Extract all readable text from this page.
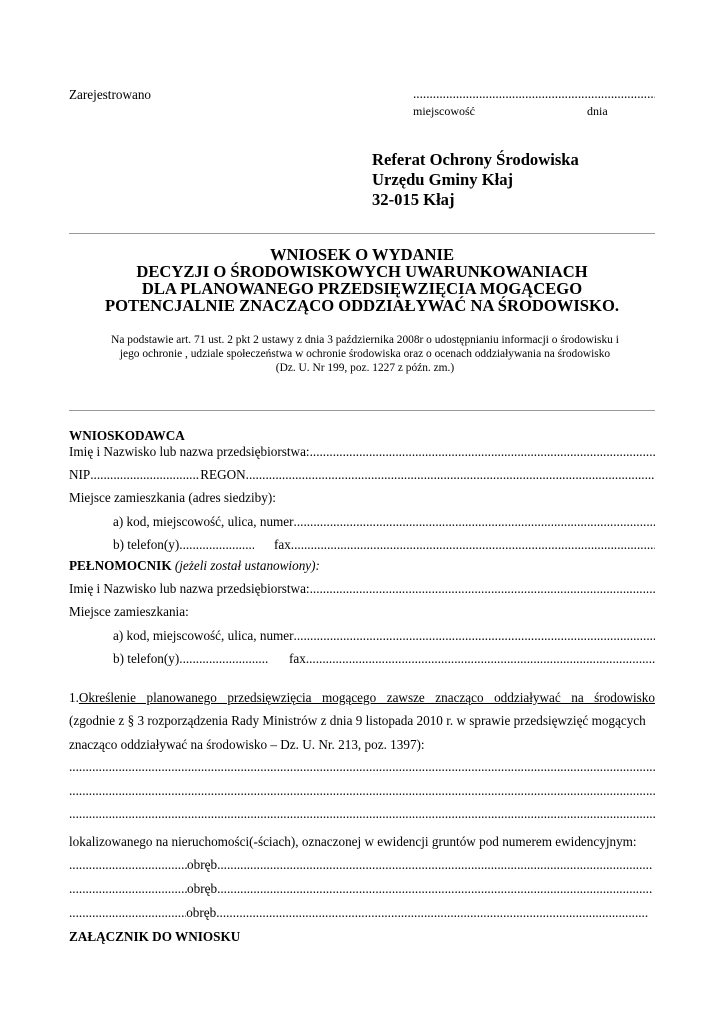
Zarejestrowano
.....
miejscowość	dnia
Referat Ochrony Środowiska
Urzędu Gminy Kłaj
32-015 Kłaj
WNIOSEK O WYDANIE
DECYZJI O ŚRODOWISKOWYCH UWARUNKOWANIACH
DLA PLANOWANEGO PRZEDSIĘWZIĘCIA MOGĄCEGO
POTENCJALNIE ZNACZĄCO ODDZIAŁYWAĆ NA ŚRODOWISKO.
Na podstawie art. 71 ust. 2 pkt 2 ustawy z dnia 3 października 2008r o udostępnianiu informacji o środowisku i
jego ochronie , udziale społeczeństwa w ochronie środowiska oraz o ocenach oddziaływania na środowisko
(Dz. U. Nr 199, poz. 1227 z późn. zm.)
WNIOSKODAWCA
Imię i Nazwisko lub nazwa przedsiębiorstwa:
.....
NIP .....	REGON
.....
Miejsce zamieszkania (adres siedziby):
a) kod, miejscowość, ulica, numer
.....
b) telefon(y) .....	fax
.....
PEŁNOMOCNIK (jeżeli został ustanowiony):
Imię i Nazwisko lub nazwa przedsiębiorstwa:
.....
Miejsce zamieszkania:
a) kod, miejscowość, ulica, numer
.....
b) telefon(y) .....	fax
.....
1. Określenie planowanego przedsięwzięcia mogącego zawsze znacząco oddziaływać na środowisko
(zgodnie z § 3 rozporządzenia Rady Ministrów z dnia 9 listopada 2010 r. w sprawie przedsięwzięć mogących
znacząco oddziaływać na środowisko – Dz. U. Nr. 213, poz. 1397):
.....
.....
.....
lokalizowanego na nieruchomości(-ściach), oznaczonej w ewidencji gruntów pod numerem ewidencyjnym:
.....
obręb
.....
.....
obręb
.....
.....
obręb
.....
ZAŁĄCZNIK DO WNIOSKU
